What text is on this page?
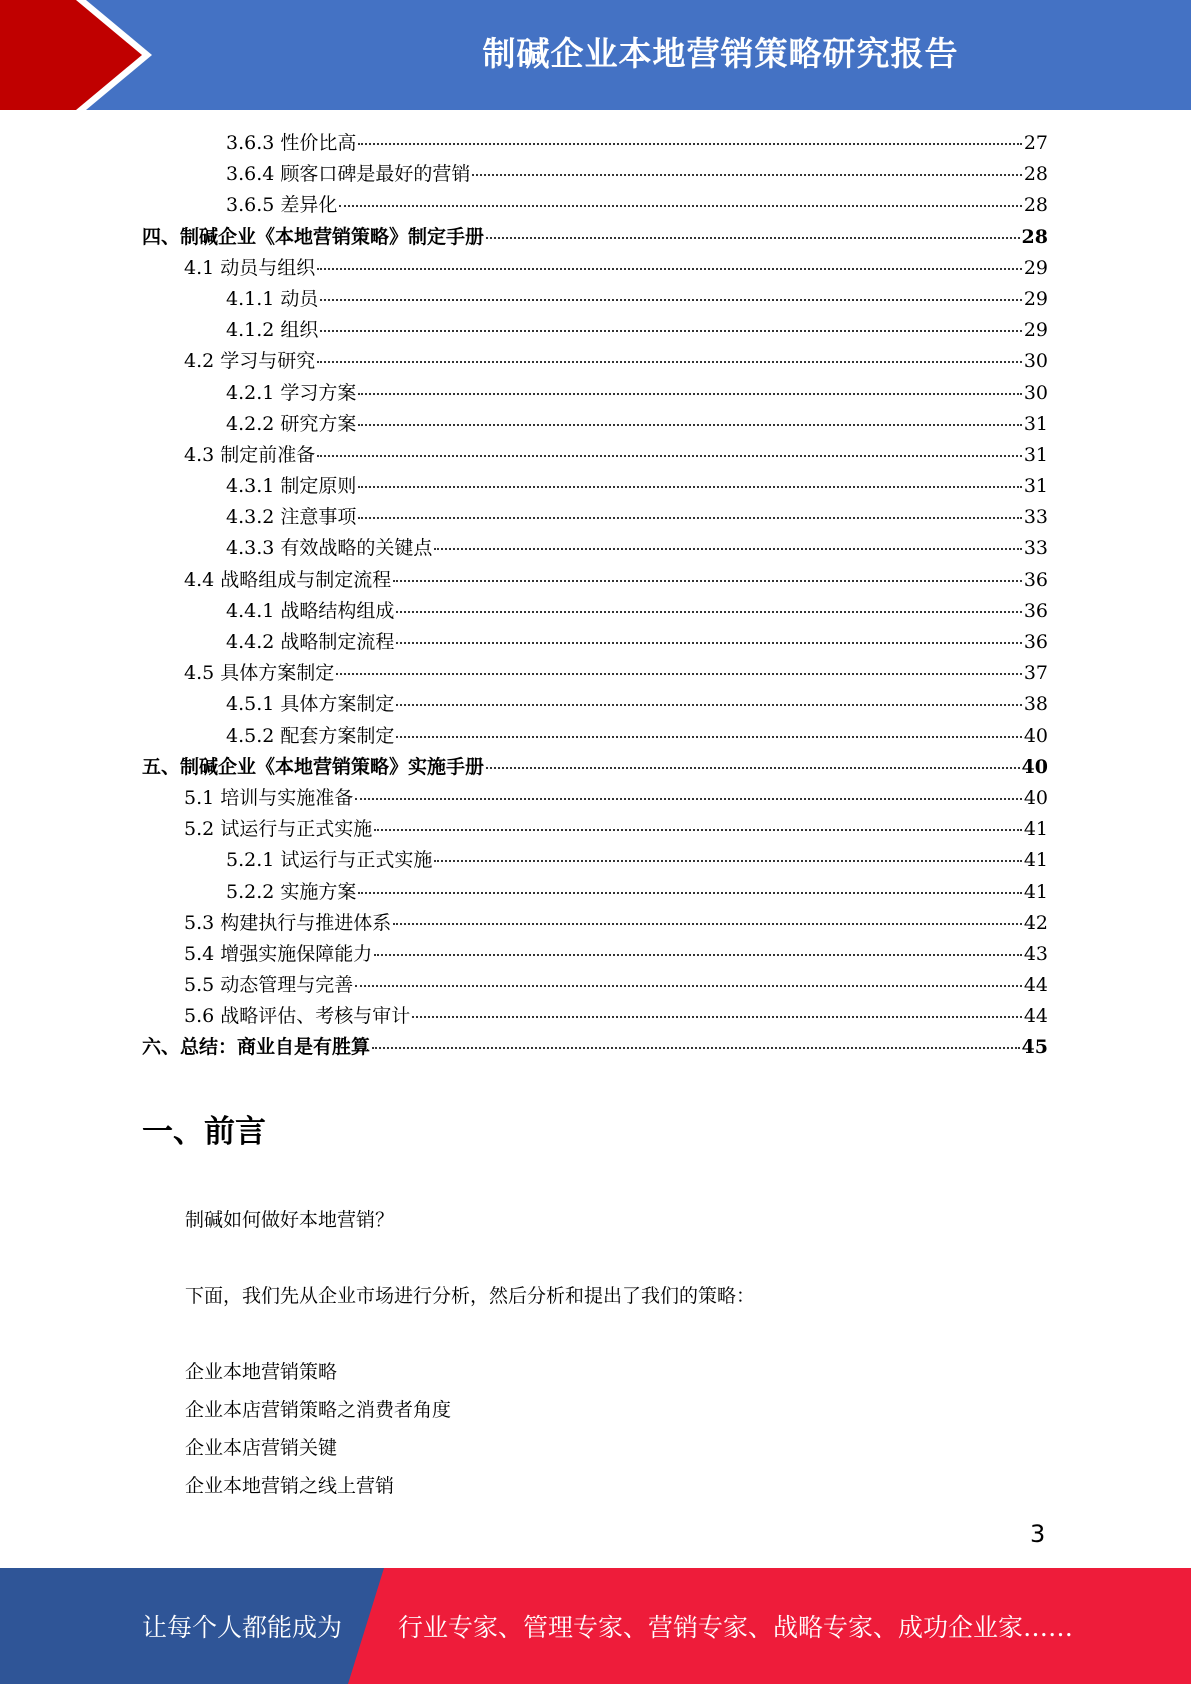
制碱企业本地营销策略研究报告
3.6.3 性价比高	27
3.6.4 顾客口碑是最好的营销	28
3.6.5 差异化	28
四、制碱企业《本地营销策略》制定手册	28
4.1 动员与组织	29
4.1.1 动员	29
4.1.2 组织	29
4.2 学习与研究	30
4.2.1 学习方案	30
4.2.2 研究方案	31
4.3 制定前准备	31
4.3.1 制定原则	31
4.3.2 注意事项	33
4.3.3 有效战略的关键点	33
4.4 战略组成与制定流程	36
4.4.1 战略结构组成	36
4.4.2 战略制定流程	36
4.5 具体方案制定	37
4.5.1 具体方案制定	38
4.5.2 配套方案制定	40
五、制碱企业《本地营销策略》实施手册	40
5.1 培训与实施准备	40
5.2 试运行与正式实施	41
5.2.1 试运行与正式实施	41
5.2.2 实施方案	41
5.3 构建执行与推进体系	42
5.4 增强实施保障能力	43
5.5 动态管理与完善	44
5.6 战略评估、考核与审计	44
六、总结：商业自是有胜算	45
一、前言
制碱如何做好本地营销？
下面，我们先从企业市场进行分析，然后分析和提出了我们的策略：
企业本地营销策略
企业本店营销策略之消费者角度
企业本店营销关键
企业本地营销之线上营销
3
让每个人都能成为 行业专家、管理专家、营销专家、战略专家、成功企业家……
